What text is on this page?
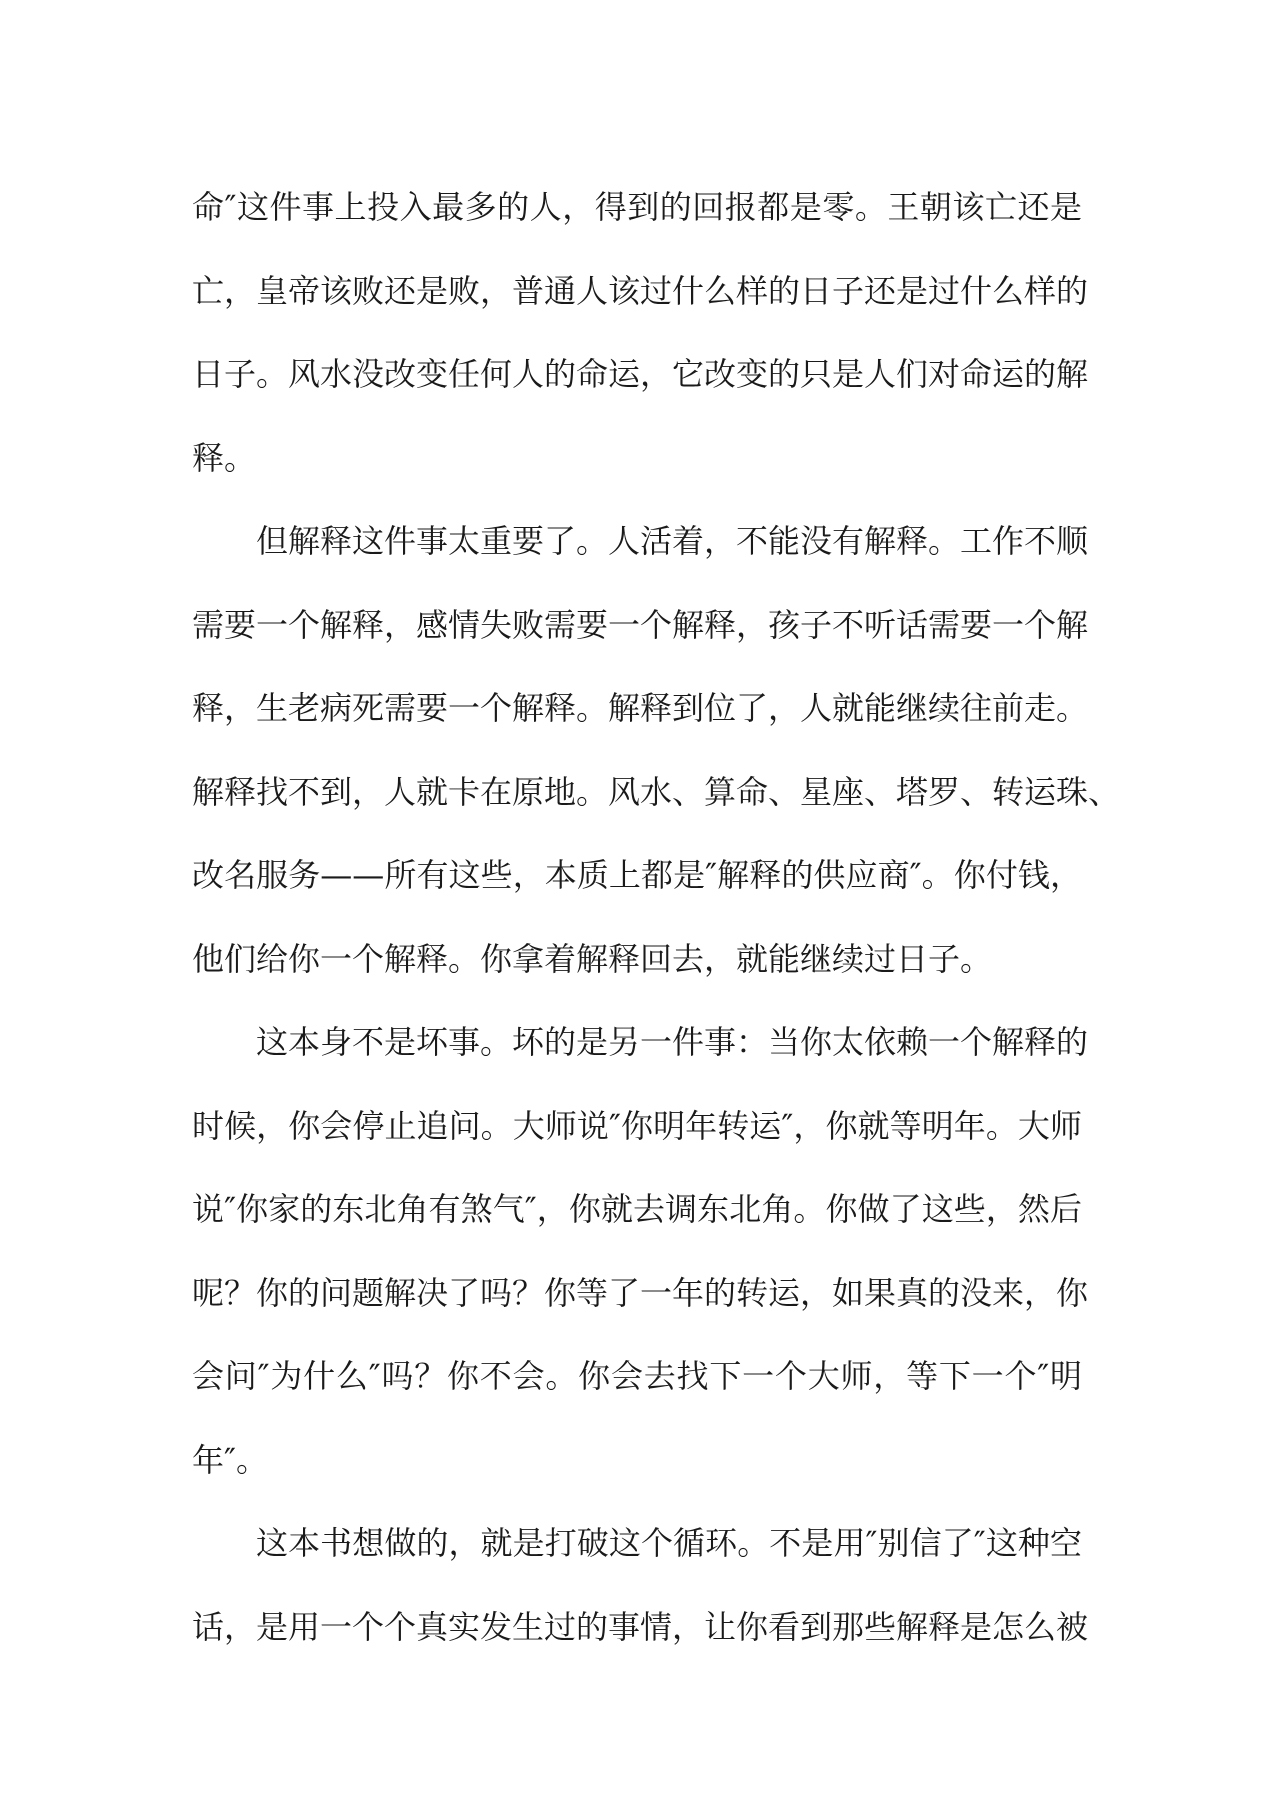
命″这件事上投入最多的人，得到的回报都是零。王朝该亡还是
亡，皇帝该败还是败，普通人该过什么样的日子还是过什么样的
日子。风水没改变任何人的命运，它改变的只是人们对命运的解
释。
但解释这件事太重要了。人活着，不能没有解释。工作不顺
需要一个解释，感情失败需要一个解释，孩子不听话需要一个解
释，生老病死需要一个解释。解释到位了，人就能继续往前走。
解释找不到，人就卡在原地。风水、算命、星座、塔罗、转运珠、
改名服务——所有这些，本质上都是″解释的供应商″。你付钱，
他们给你一个解释。你拿着解释回去，就能继续过日子。
这本身不是坏事。坏的是另一件事：当你太依赖一个解释的
时候，你会停止追问。大师说″你明年转运″，你就等明年。大师
说″你家的东北角有煞气″，你就去调东北角。你做了这些，然后
呢？你的问题解决了吗？你等了一年的转运，如果真的没来，你
会问″为什么″吗？你不会。你会去找下一个大师，等下一个″明
年″。
这本书想做的，就是打破这个循环。不是用″别信了″这种空
话，是用一个个真实发生过的事情，让你看到那些解释是怎么被
